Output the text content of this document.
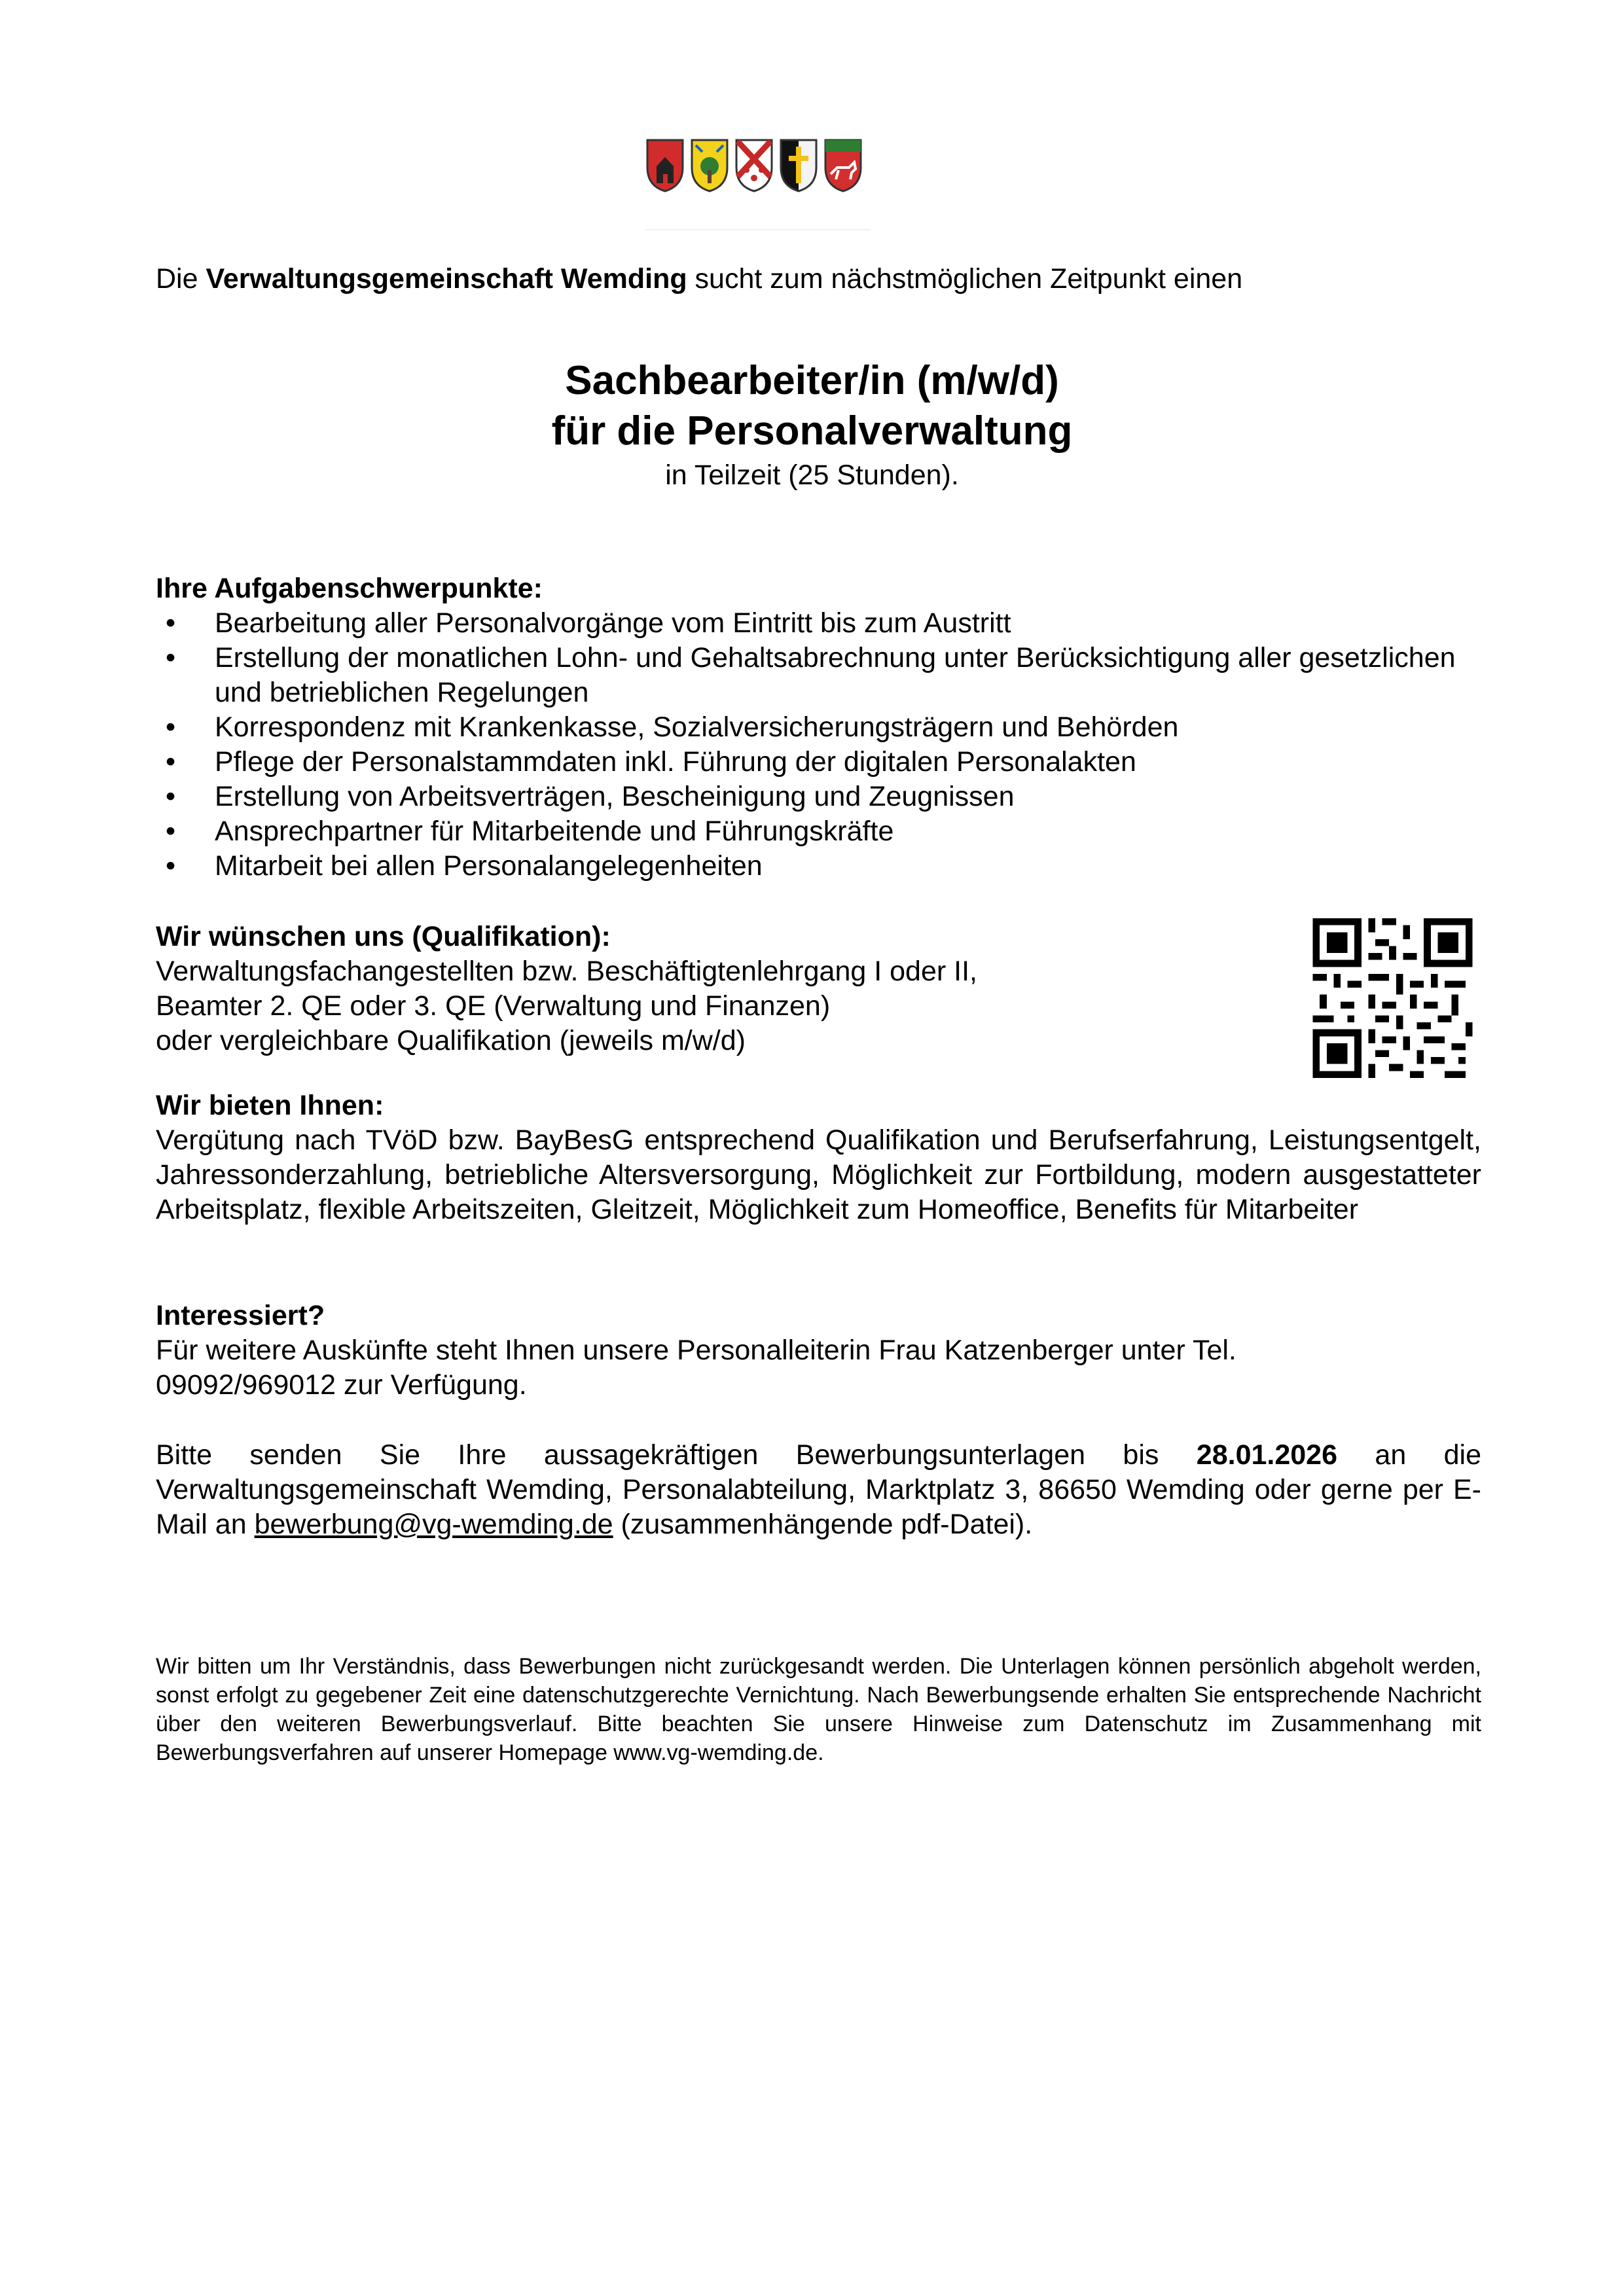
Die Verwaltungsgemeinschaft Wemding sucht zum nächstmöglichen Zeitpunkt einen
Sachbearbeiter/in (m/w/d)
für die Personalverwaltung
in Teilzeit (25 Stunden).
Ihre Aufgabenschwerpunkte:
• Bearbeitung aller Personalvorgänge vom Eintritt bis zum Austritt
• Erstellung der monatlichen Lohn- und Gehaltsabrechnung unter Berücksichtigung aller gesetzlichen und betrieblichen Regelungen
• Korrespondenz mit Krankenkasse, Sozialversicherungsträgern und Behörden
• Pflege der Personalstammdaten inkl. Führung der digitalen Personalakten
• Erstellung von Arbeitsverträgen, Bescheinigung und Zeugnissen
• Ansprechpartner für Mitarbeitende und Führungskräfte
• Mitarbeit bei allen Personalangelegenheiten
Wir wünschen uns (Qualifikation):
Verwaltungsfachangestellten bzw. Beschäftigtenlehrgang I oder II,
Beamter 2. QE oder 3. QE (Verwaltung und Finanzen)
oder vergleichbare Qualifikation (jeweils m/w/d)
Wir bieten Ihnen:
Vergütung nach TVöD bzw. BayBesG entsprechend Qualifikation und Berufserfahrung, Leistungsentgelt, Jahressonderzahlung, betriebliche Altersversorgung, Möglichkeit zur Fortbildung, modern ausgestatteter Arbeitsplatz, flexible Arbeitszeiten, Gleitzeit, Möglichkeit zum Homeoffice, Benefits für Mitarbeiter
Interessiert?
Für weitere Auskünfte steht Ihnen unsere Personalleiterin Frau Katzenberger unter Tel.
09092/969012 zur Verfügung.
Bitte senden Sie Ihre aussagekräftigen Bewerbungsunterlagen bis 28.01.2026 an die Verwaltungsgemeinschaft Wemding, Personalabteilung, Marktplatz 3, 86650 Wemding oder gerne per E-Mail an bewerbung@vg-wemding.de (zusammenhängende pdf-Datei).
Wir bitten um Ihr Verständnis, dass Bewerbungen nicht zurückgesandt werden. Die Unterlagen können persönlich abgeholt werden, sonst erfolgt zu gegebener Zeit eine datenschutzgerechte Vernichtung. Nach Bewerbungsende erhalten Sie entsprechende Nachricht über den weiteren Bewerbungsverlauf. Bitte beachten Sie unsere Hinweise zum Datenschutz im Zusammenhang mit Bewerbungsverfahren auf unserer Homepage www.vg-wemding.de.
